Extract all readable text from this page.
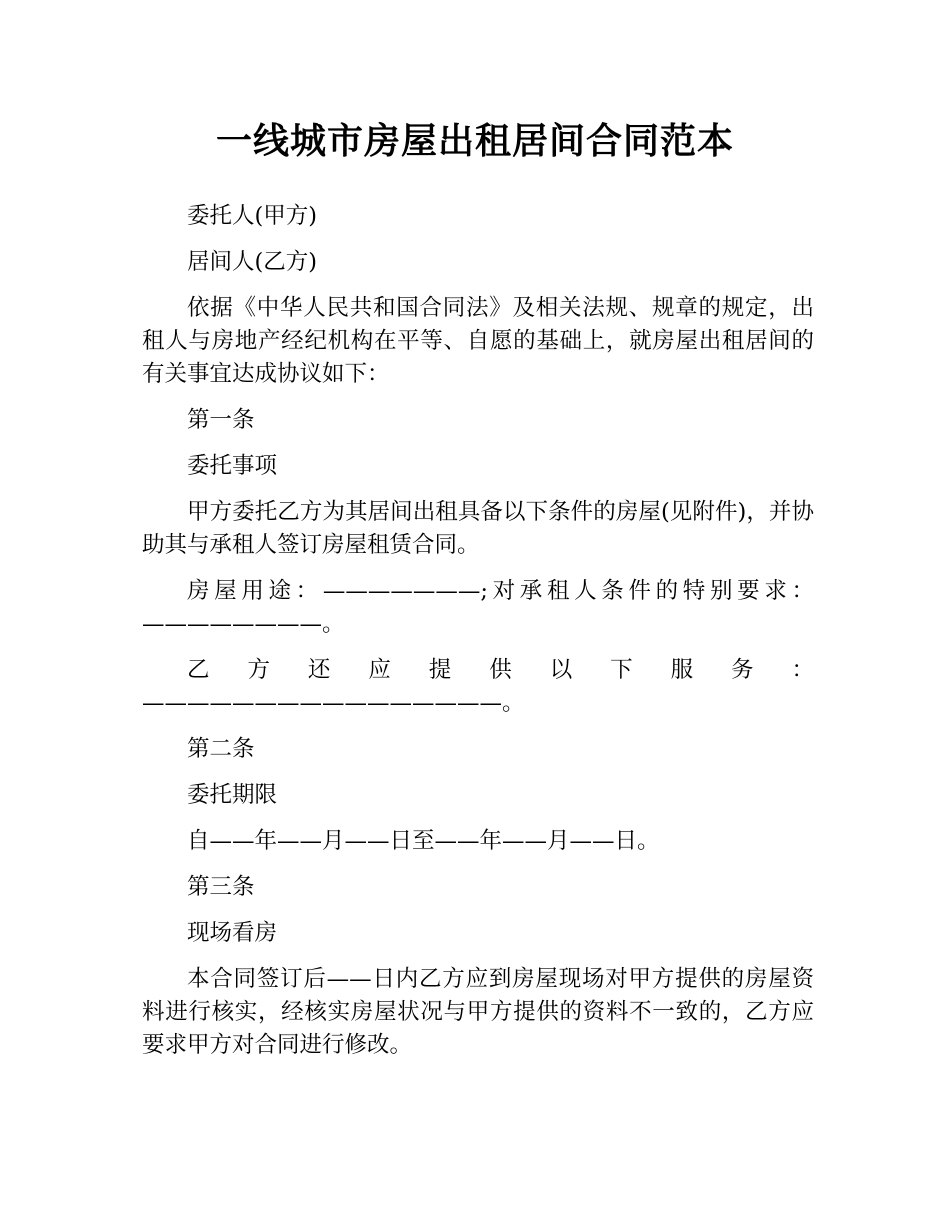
一线城市房屋出租居间合同范本

委托人(甲方)

居间人(乙方)

依据《中华人民共和国合同法》及相关法规、规章的规定，出租人与房地产经纪机构在平等、自愿的基础上，就房屋出租居间的有关事宜达成协议如下：

第一条

委托事项

甲方委托乙方为其居间出租具备以下条件的房屋(见附件)，并协助其与承租人签订房屋租赁合同。

房屋用途：———————;对承租人条件的特别要求：————————。

乙方还应提供以下服务：————————————————。

第二条

委托期限

自——年——月——日至——年——月——日。

第三条

现场看房

本合同签订后——日内乙方应到房屋现场对甲方提供的房屋资料进行核实，经核实房屋状况与甲方提供的资料不一致的，乙方应要求甲方对合同进行修改。
